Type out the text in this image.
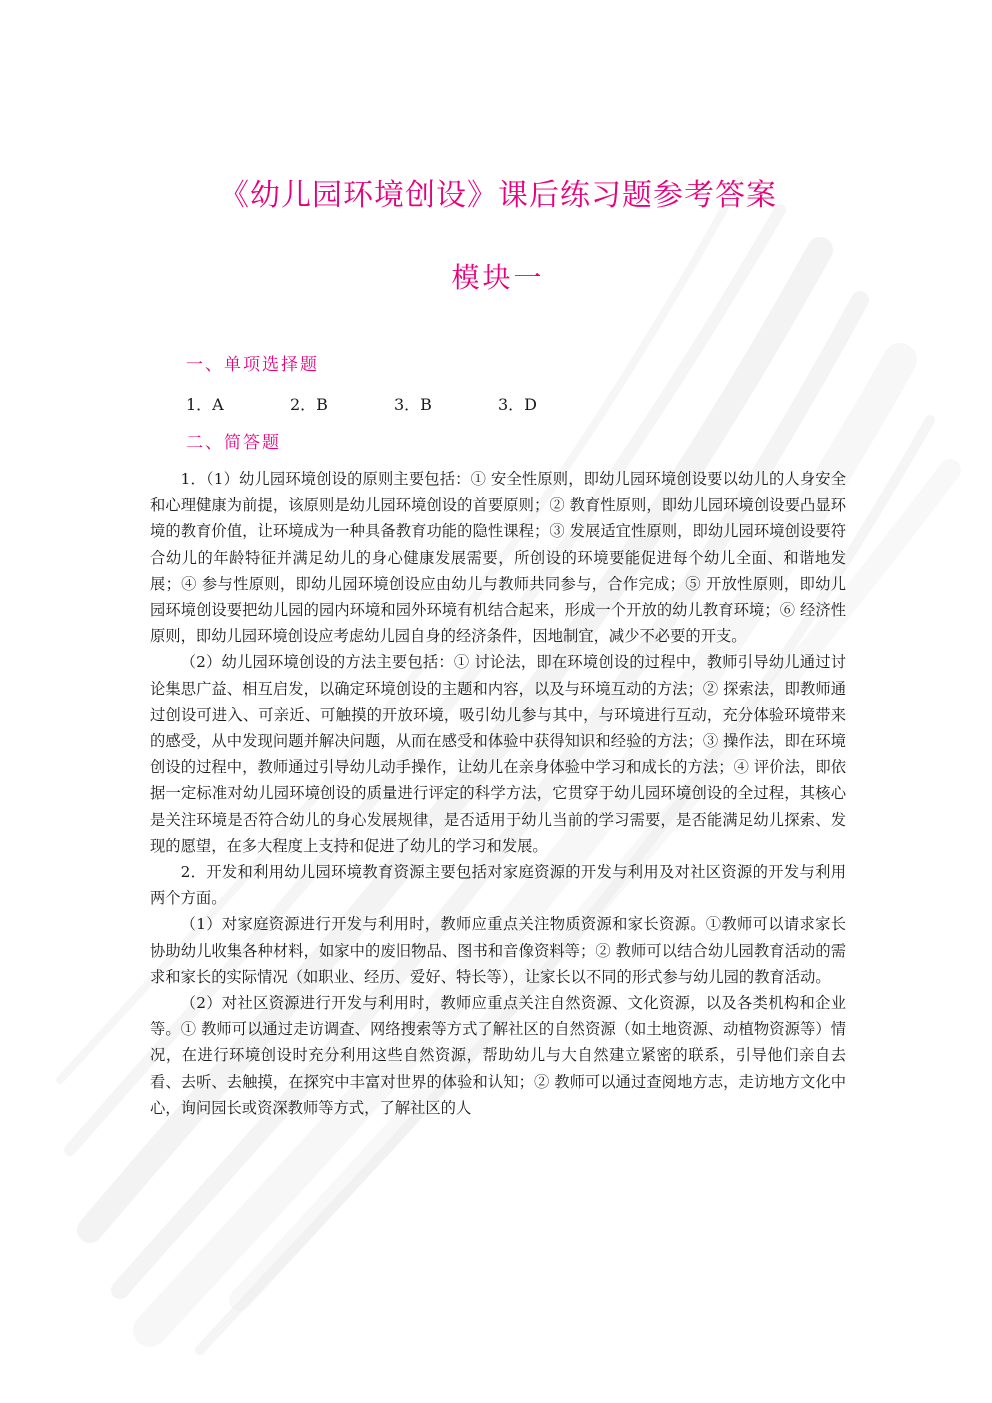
《幼儿园环境创设》课后练习题参考答案
模块一
一、单项选择题
1．A	2．B	3．B	3．D
二、简答题

1．（1）幼儿园环境创设的原则主要包括：① 安全性原则，即幼儿园环境创设要以幼儿的人身安全和心理健康为前提，该原则是幼儿园环境创设的首要原则；② 教育性原则，即幼儿园环境创设要凸显环境的教育价值，让环境成为一种具备教育功能的隐性课程；③ 发展适宜性原则，即幼儿园环境创设要符合幼儿的年龄特征并满足幼儿的身心健康发展需要，所创设的环境要能促进每个幼儿全面、和谐地发展；④ 参与性原则，即幼儿园环境创设应由幼儿与教师共同参与，合作完成；⑤ 开放性原则，即幼儿园环境创设要把幼儿园的园内环境和园外环境有机结合起来，形成一个开放的幼儿教育环境；⑥ 经济性原则，即幼儿园环境创设应考虑幼儿园自身的经济条件，因地制宜，减少不必要的开支。

（2）幼儿园环境创设的方法主要包括：① 讨论法，即在环境创设的过程中，教师引导幼儿通过讨论集思广益、相互启发，以确定环境创设的主题和内容，以及与环境互动的方法；② 探索法，即教师通过创设可进入、可亲近、可触摸的开放环境，吸引幼儿参与其中，与环境进行互动，充分体验环境带来的感受，从中发现问题并解决问题，从而在感受和体验中获得知识和经验的方法；③ 操作法，即在环境创设的过程中，教师通过引导幼儿动手操作，让幼儿在亲身体验中学习和成长的方法；④ 评价法，即依据一定标准对幼儿园环境创设的质量进行评定的科学方法，它贯穿于幼儿园环境创设的全过程，其核心是关注环境是否符合幼儿的身心发展规律，是否适用于幼儿当前的学习需要，是否能满足幼儿探索、发现的愿望，在多大程度上支持和促进了幼儿的学习和发展。

2．开发和利用幼儿园环境教育资源主要包括对家庭资源的开发与利用及对社区资源的开发与利用两个方面。

（1）对家庭资源进行开发与利用时，教师应重点关注物质资源和家长资源。①教师可以请求家长协助幼儿收集各种材料，如家中的废旧物品、图书和音像资料等；② 教师可以结合幼儿园教育活动的需求和家长的实际情况（如职业、经历、爱好、特长等），让家长以不同的形式参与幼儿园的教育活动。

（2）对社区资源进行开发与利用时，教师应重点关注自然资源、文化资源，以及各类机构和企业等。① 教师可以通过走访调查、网络搜索等方式了解社区的自然资源（如土地资源、动植物资源等）情况，在进行环境创设时充分利用这些自然资源，帮助幼儿与大自然建立紧密的联系，引导他们亲自去看、去听、去触摸，在探究中丰富对世界的体验和认知；② 教师可以通过查阅地方志，走访地方文化中心，询问园长或资深教师等方式，了解社区的人
